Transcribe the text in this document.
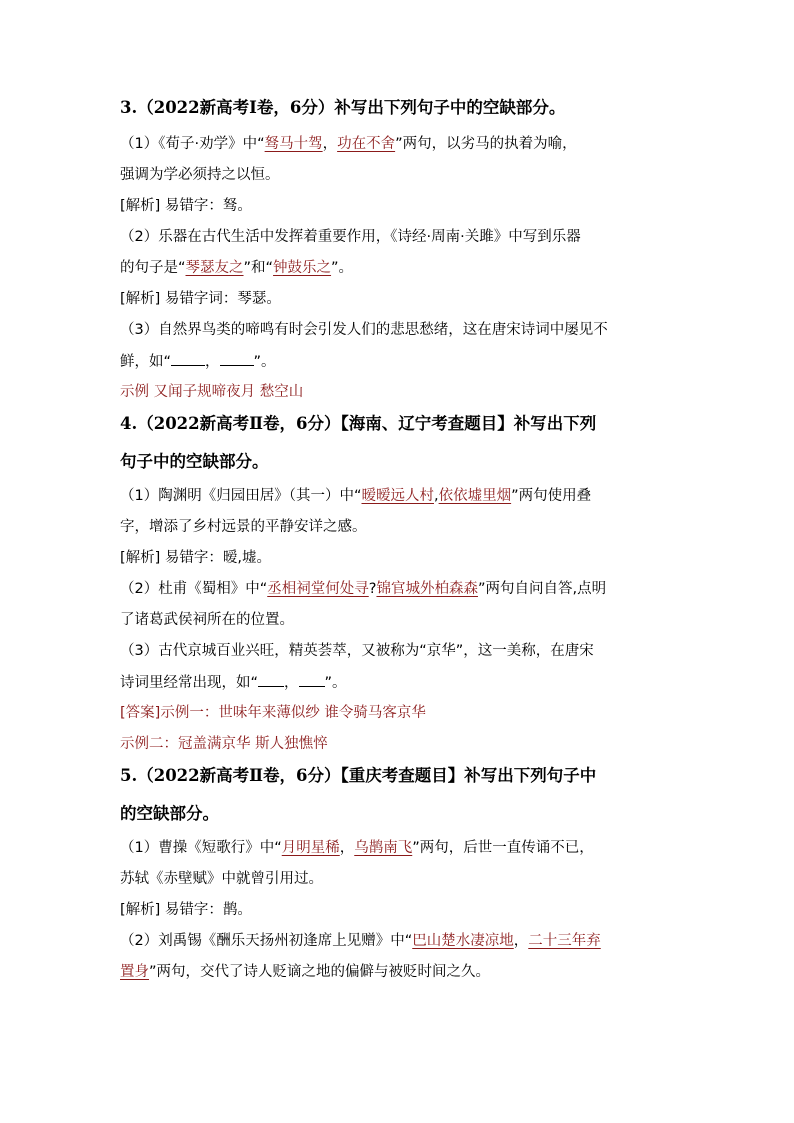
3.（2022新高考Ⅰ卷，6分）补写出下列句子中的空缺部分。
（1）《荀子·劝学》中“驽马十驾，功在不舍”两句，以劣马的执着为喻，
强调为学必须持之以恒。
[解析] 易错字：驽。
（2）乐器在古代生活中发挥着重要作用，《诗经·周南·关雎》中写到乐器
的句子是“琴瑟友之”和“钟鼓乐之”。
[解析] 易错字词：琴瑟。
（3）自然界鸟类的啼鸣有时会引发人们的悲思愁绪，这在唐宋诗词中屡见不
鲜，如“ ， ”。
示例 又闻子规啼夜月 愁空山
4.（2022新高考Ⅱ卷，6分）【海南、辽宁考查题目】补写出下列
句子中的空缺部分。
（1）陶渊明《归园田居》（其一）中“暧暧远人村,依依墟里烟”两句使用叠
字，增添了乡村远景的平静安详之感。
[解析] 易错字：暧,墟。
（2）杜甫《蜀相》中“丞相祠堂何处寻?锦官城外柏森森”两句自问自答,点明
了诸葛武侯祠所在的位置。
（3）古代京城百业兴旺，精英荟萃，又被称为“京华”，这一美称，在唐宋
诗词里经常出现，如“ ， ”。
[答案]示例一：世味年来薄似纱 谁令骑马客京华
示例二：冠盖满京华 斯人独憔悴
5.（2022新高考Ⅱ卷，6分）【重庆考查题目】补写出下列句子中
的空缺部分。
（1）曹操《短歌行》中“月明星稀，乌鹊南飞”两句，后世一直传诵不已，
苏轼《赤壁赋》中就曾引用过。
[解析] 易错字：鹊。
（2）刘禹锡《酬乐天扬州初逢席上见赠》中“巴山楚水凄凉地，二十三年弃
置身”两句，交代了诗人贬谪之地的偏僻与被贬时间之久。
